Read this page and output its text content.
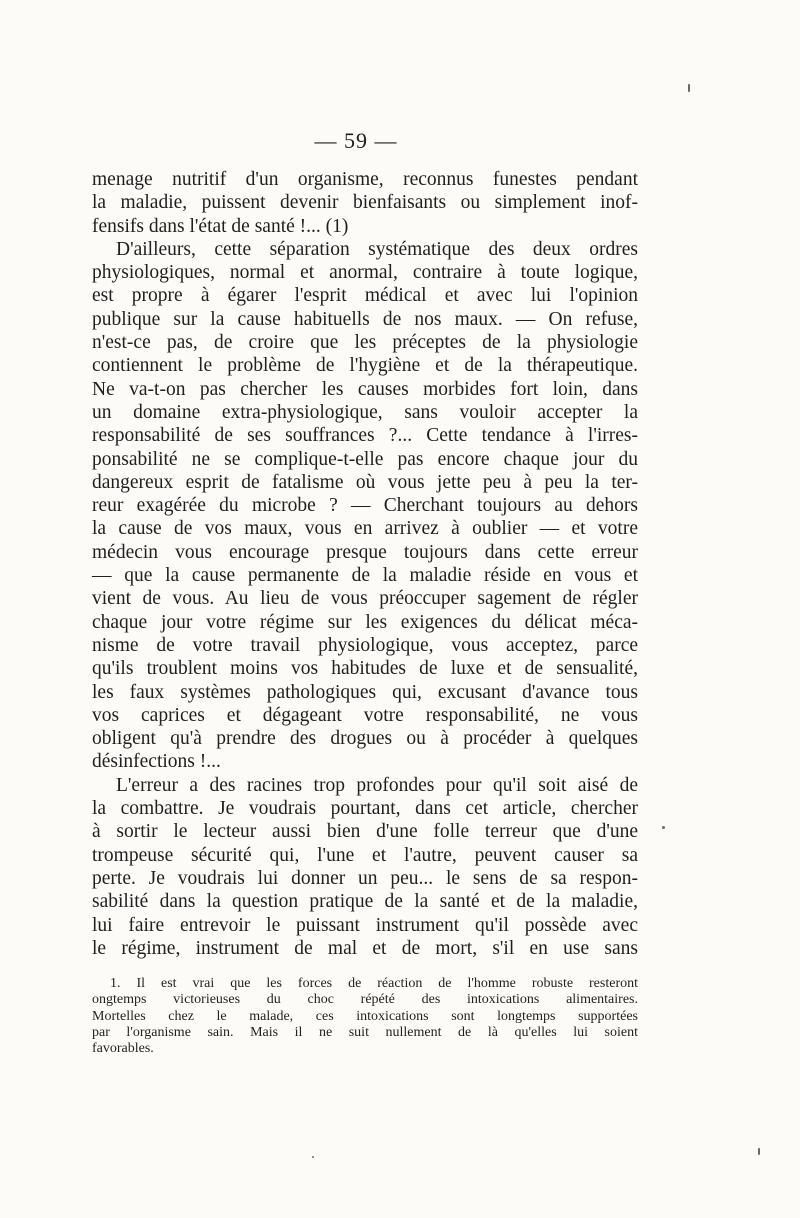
— 59 —
menage nutritif d'un organisme, reconnus funestes pendant
la maladie, puissent devenir bienfaisants ou simplement inof-
fensifs dans l'état de santé !... (1)
D'ailleurs, cette séparation systématique des deux ordres
physiologiques, normal et anormal, contraire à toute logique,
est propre à égarer l'esprit médical et avec lui l'opinion
publique sur la cause habituells de nos maux. — On refuse,
n'est-ce pas, de croire que les préceptes de la physiologie
contiennent le problème de l'hygiène et de la thérapeutique.
Ne va-t-on pas chercher les causes morbides fort loin, dans
un domaine extra-physiologique, sans vouloir accepter la
responsabilité de ses souffrances ?... Cette tendance à l'irres-
ponsabilité ne se complique-t-elle pas encore chaque jour du
dangereux esprit de fatalisme où vous jette peu à peu la ter-
reur exagérée du microbe ? — Cherchant toujours au dehors
la cause de vos maux, vous en arrivez à oublier — et votre
médecin vous encourage presque toujours dans cette erreur
— que la cause permanente de la maladie réside en vous et
vient de vous. Au lieu de vous préoccuper sagement de régler
chaque jour votre régime sur les exigences du délicat méca-
nisme de votre travail physiologique, vous acceptez, parce
qu'ils troublent moins vos habitudes de luxe et de sensualité,
les faux systèmes pathologiques qui, excusant d'avance tous
vos caprices et dégageant votre responsabilité, ne vous
obligent qu'à prendre des drogues ou à procéder à quelques
désinfections !...
L'erreur a des racines trop profondes pour qu'il soit aisé de
la combattre. Je voudrais pourtant, dans cet article, chercher
à sortir le lecteur aussi bien d'une folle terreur que d'une
trompeuse sécurité qui, l'une et l'autre, peuvent causer sa
perte. Je voudrais lui donner un peu... le sens de sa respon-
sabilité dans la question pratique de la santé et de la maladie,
lui faire entrevoir le puissant instrument qu'il possède avec
le régime, instrument de mal et de mort, s'il en use sans
1. Il est vrai que les forces de réaction de l'homme robuste resteront
ongtemps victorieuses du choc répété des intoxications alimentaires.
Mortelles chez le malade, ces intoxications sont longtemps supportées
par l'organisme sain. Mais il ne suit nullement de là qu'elles lui soient
favorables.
